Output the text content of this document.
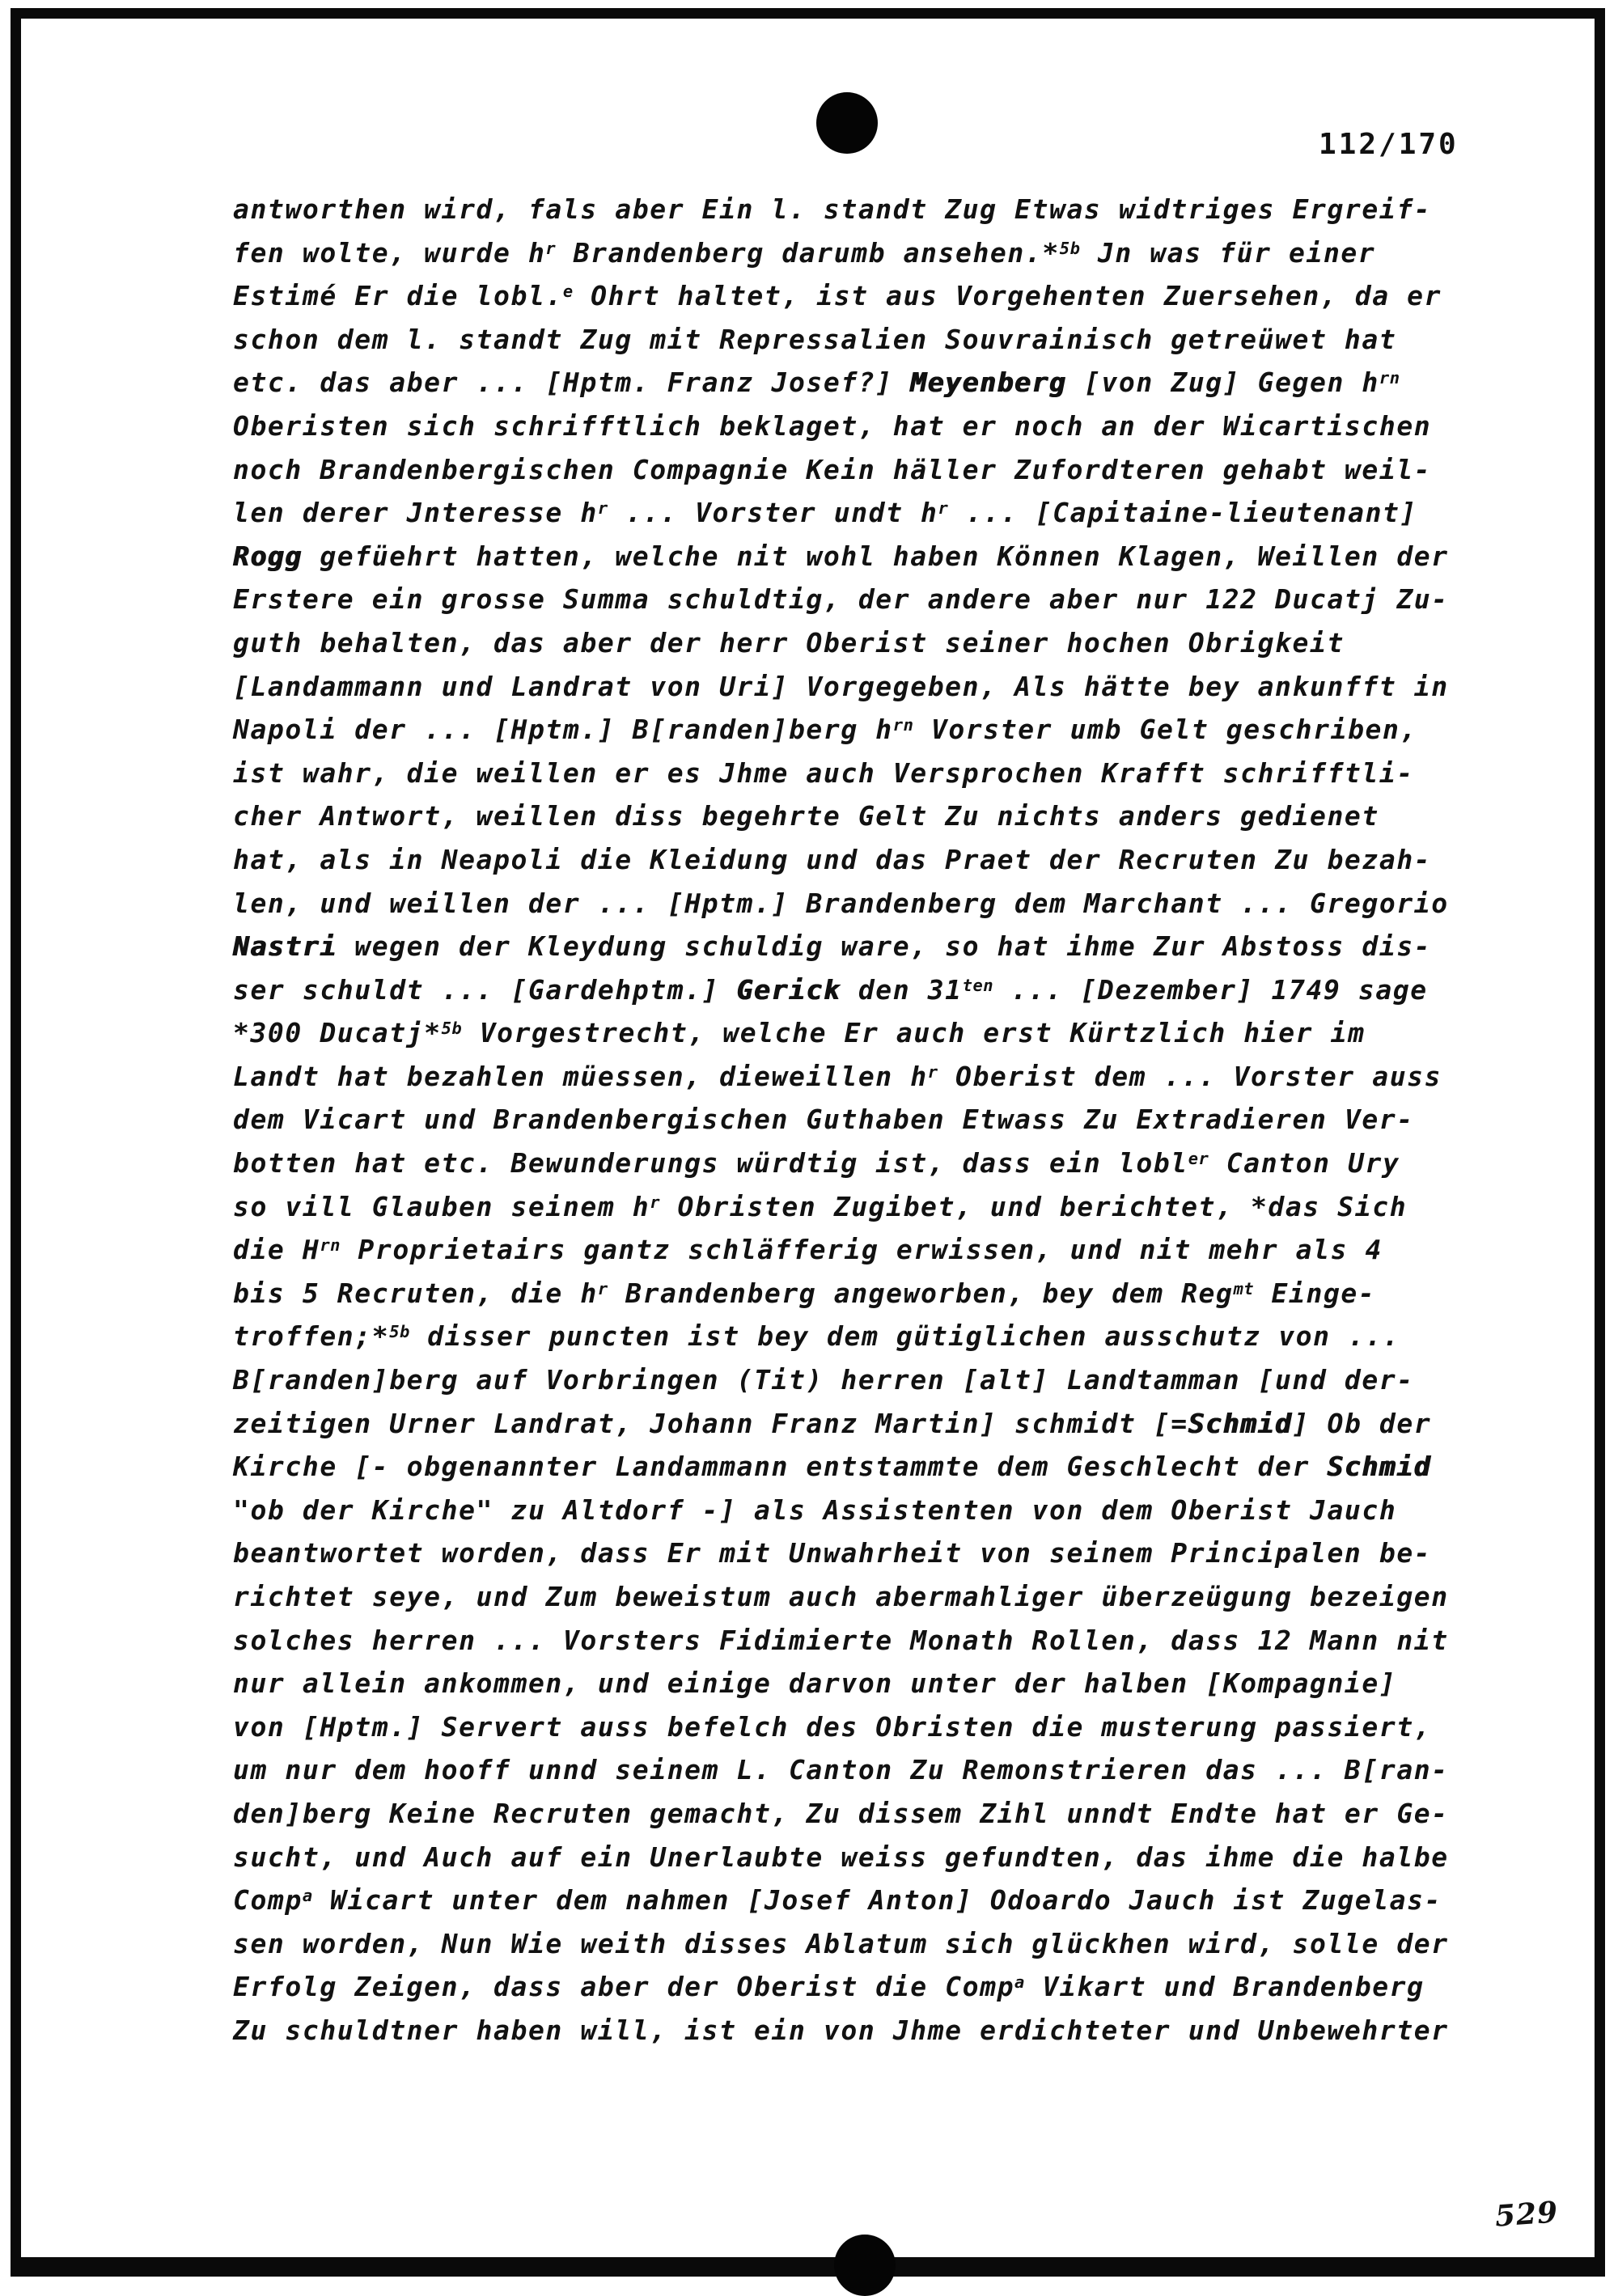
112/170
antworthen wird, fals aber Ein l. standt Zug Etwas widtriges Ergreif-
fen wolte, wurde $h^r$ Brandenberg darumb ansehen.*$^{5b}$ Jn was für einer
Estimé Er die lobl.$^e$ Ohrt haltet, ist aus Vorgehenten Zuersehen, da er
schon dem l. standt Zug mit Repressalien Souvrainisch getreüwet hat
etc. das aber ... [Hptm. Franz Josef?] Meyenberg [von Zug] Gegen $h^{rn}$
Oberisten sich schrifftlich beklaget, hat er noch an der Wicartischen
noch Brandenbergischen Compagnie Kein häller Zufordteren gehabt weil-
len derer Jnteresse $h^r$ ... Vorster undt $h^r$ ... [Capitaine-lieutenant]
Rogg gefüehrt hatten, welche nit wohl haben Können Klagen, Weillen der
Erstere ein grosse Summa schuldtig, der andere aber nur 122 Ducatj Zu-
guth behalten, das aber der herr Oberist seiner hochen Obrigkeit
[Landammann und Landrat von Uri] Vorgegeben, Als hätte bey ankunfft in
Napoli der ... [Hptm.] B[randen]berg $h^{rn}$ Vorster umb Gelt geschriben,
ist wahr, die weillen er es Jhme auch Versprochen Krafft schrifftli-
cher Antwort, weillen diss begehrte Gelt Zu nichts anders gedienet
hat, als in Neapoli die Kleidung und das Praet der Recruten Zu bezah-
len, und weillen der ... [Hptm.] Brandenberg dem Marchant ... Gregorio
Nastri wegen der Kleydung schuldig ware, so hat ihme Zur Abstoss dis-
ser schuldt ... [Gardehptm.] Gerick den $31^{ten}$ ... [Dezember] 1749 sage
*300 Ducatj*$^{5b}$ Vorgestrecht, welche Er auch erst Kürtzlich hier im
Landt hat bezahlen müessen, dieweillen $h^r$ Oberist dem ... Vorster auss
dem Vicart und Brandenbergischen Guthaben Etwass Zu Extradieren Ver-
botten hat etc. Bewunderungs würdtig ist, dass ein lobl$^{er}$ Canton Ury
so vill Glauben seinem $h^r$ Obristen Zugibet, und berichtet, *das Sich
die $H^{rn}$ Proprietairs gantz schläfferig erwissen, und nit mehr als 4
bis 5 Recruten, die $h^r$ Brandenberg angeworben, bey dem Reg$^{mt}$ Einge-
troffen;*$^{5b}$ disser puncten ist bey dem gütiglichen ausschutz von ...
B[randen]berg auf Vorbringen (Tit) herren [alt] Landtamman [und der-
zeitigen Urner Landrat, Johann Franz Martin] schmidt [=Schmid] Ob der
Kirche [- obgenannter Landammann entstammte dem Geschlecht der Schmid
"ob der Kirche" zu Altdorf -] als Assistenten von dem Oberist Jauch
beantwortet worden, dass Er mit Unwahrheit von seinem Principalen be-
richtet seye, und Zum beweistum auch abermahliger überzeügung bezeigen
solches herren ... Vorsters Fidimierte Monath Rollen, dass 12 Mann nit
nur allein ankommen, und einige darvon unter der halben [Kompagnie]
von [Hptm.] Servert auss befelch des Obristen die musterung passiert,
um nur dem hooff unnd seinem L. Canton Zu Remonstrieren das ... B[ran-
den]berg Keine Recruten gemacht, Zu dissem Zihl unndt Endte hat er Ge-
sucht, und Auch auf ein Unerlaubte weiss gefundten, das ihme die halbe
Comp$^a$ Wicart unter dem nahmen [Josef Anton] Odoardo Jauch ist Zugelas-
sen worden, Nun Wie weith disses Ablatum sich glückhen wird, solle der
Erfolg Zeigen, dass aber der Oberist die Comp$^a$ Vikart und Brandenberg
Zu schuldtner haben will, ist ein von Jhme erdichteter und Unbewehrter
529
